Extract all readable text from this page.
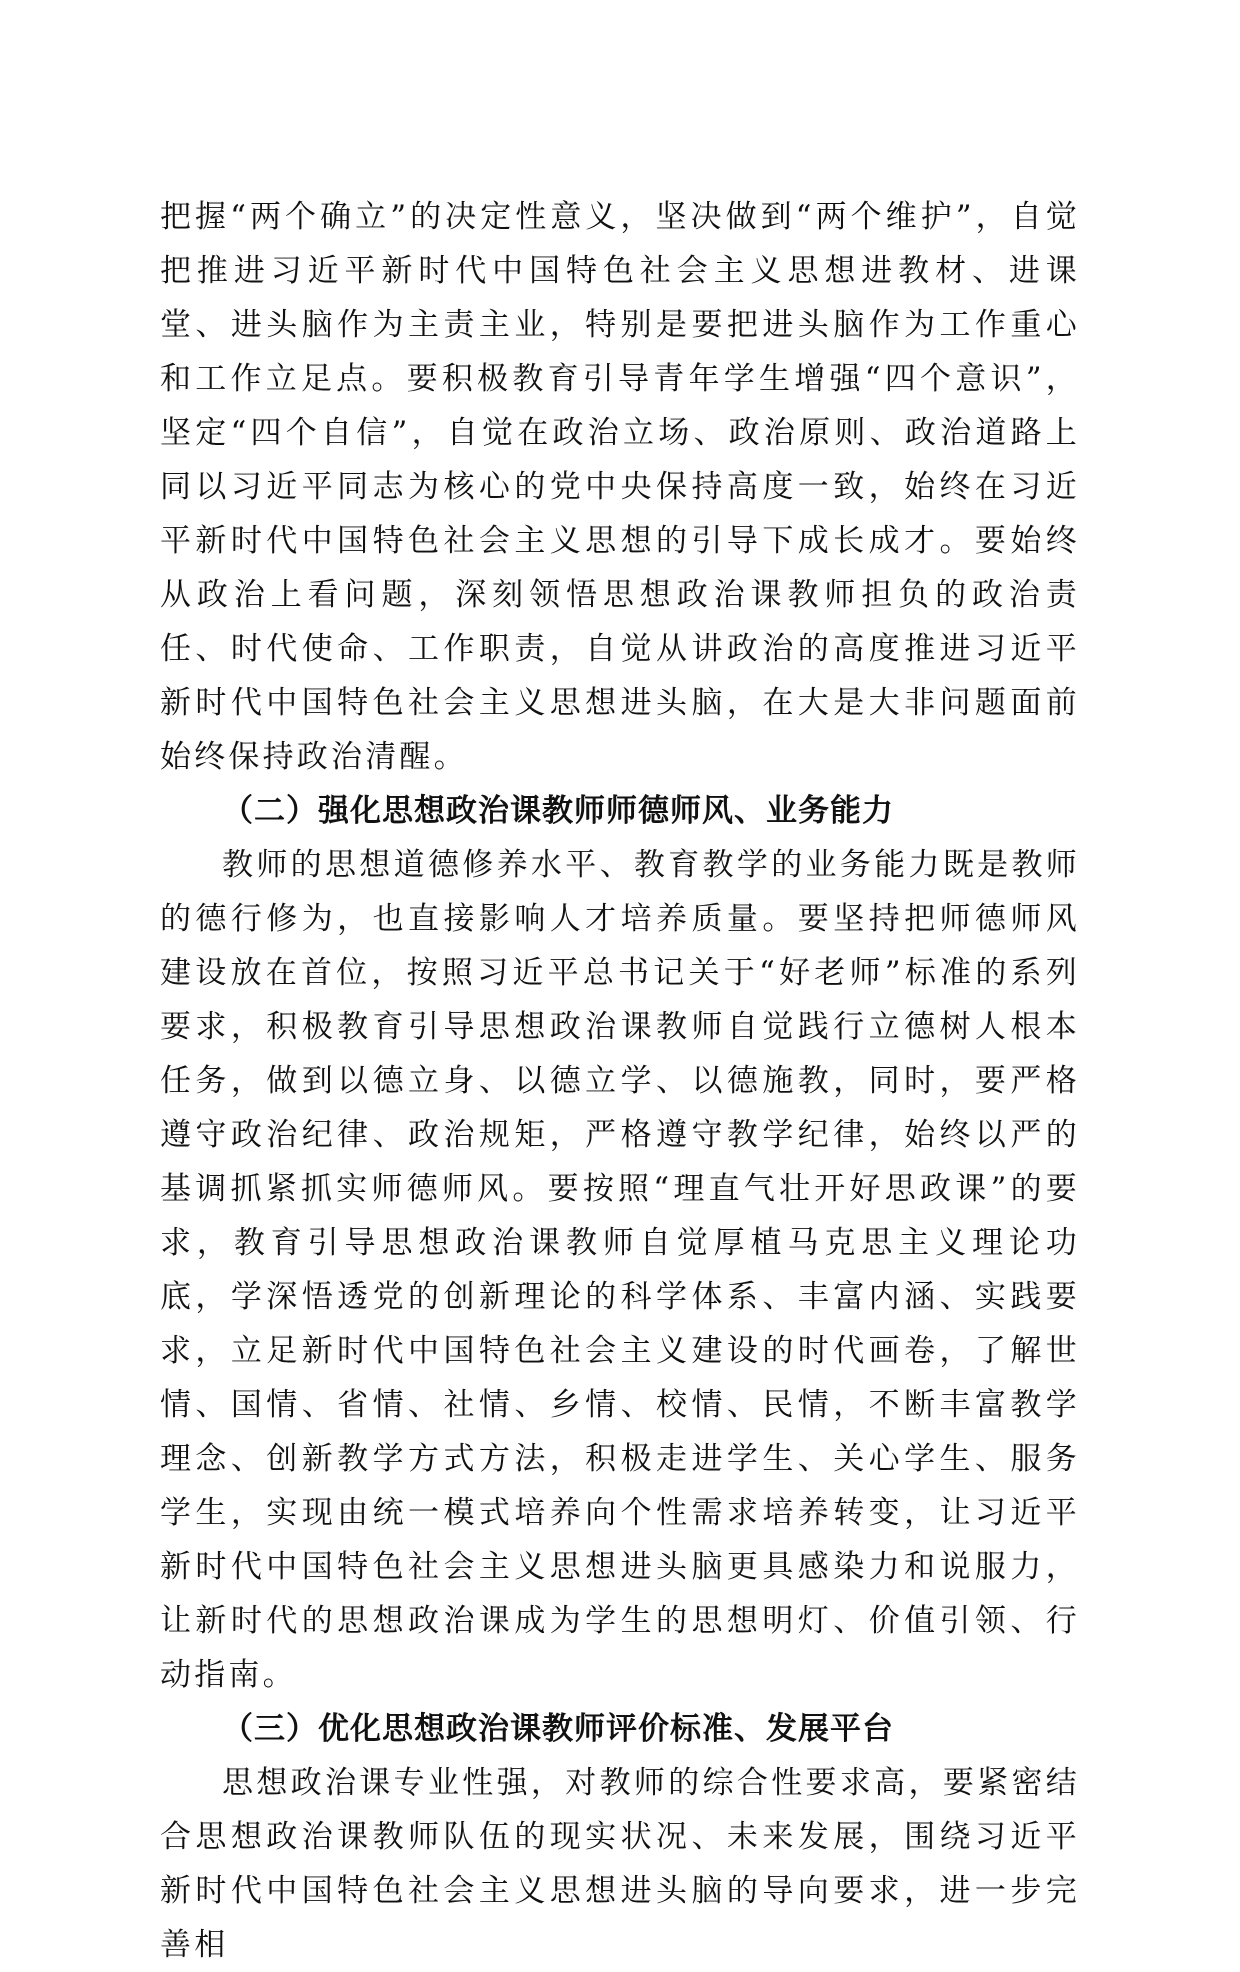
把握“两个确立”的决定性意义，坚决做到“两个维护”，自觉把推进习近平新时代中国特色社会主义思想进教材、进课堂、进头脑作为主责主业，特别是要把进头脑作为工作重心和工作立足点。要积极教育引导青年学生增强“四个意识”，坚定“四个自信”，自觉在政治立场、政治原则、政治道路上同以习近平同志为核心的党中央保持高度一致，始终在习近平新时代中国特色社会主义思想的引导下成长成才。要始终从政治上看问题，深刻领悟思想政治课教师担负的政治责任、时代使命、工作职责，自觉从讲政治的高度推进习近平新时代中国特色社会主义思想进头脑，在大是大非问题面前始终保持政治清醒。

（二）强化思想政治课教师师德师风、业务能力

教师的思想道德修养水平、教育教学的业务能力既是教师的德行修为，也直接影响人才培养质量。要坚持把师德师风建设放在首位，按照习近平总书记关于“好老师”标准的系列要求，积极教育引导思想政治课教师自觉践行立德树人根本任务，做到以德立身、以德立学、以德施教，同时，要严格遵守政治纪律、政治规矩，严格遵守教学纪律，始终以严的基调抓紧抓实师德师风。要按照“理直气壮开好思政课”的要求，教育引导思想政治课教师自觉厚植马克思主义理论功底，学深悟透党的创新理论的科学体系、丰富内涵、实践要求，立足新时代中国特色社会主义建设的时代画卷，了解世情、国情、省情、社情、乡情、校情、民情，不断丰富教学理念、创新教学方式方法，积极走进学生、关心学生、服务学生，实现由统一模式培养向个性需求培养转变，让习近平新时代中国特色社会主义思想进头脑更具感染力和说服力，让新时代的思想政治课成为学生的思想明灯、价值引领、行动指南。

（三）优化思想政治课教师评价标准、发展平台

思想政治课专业性强，对教师的综合性要求高，要紧密结合思想政治课教师队伍的现实状况、未来发展，围绕习近平新时代中国特色社会主义思想进头脑的导向要求，进一步完善相
